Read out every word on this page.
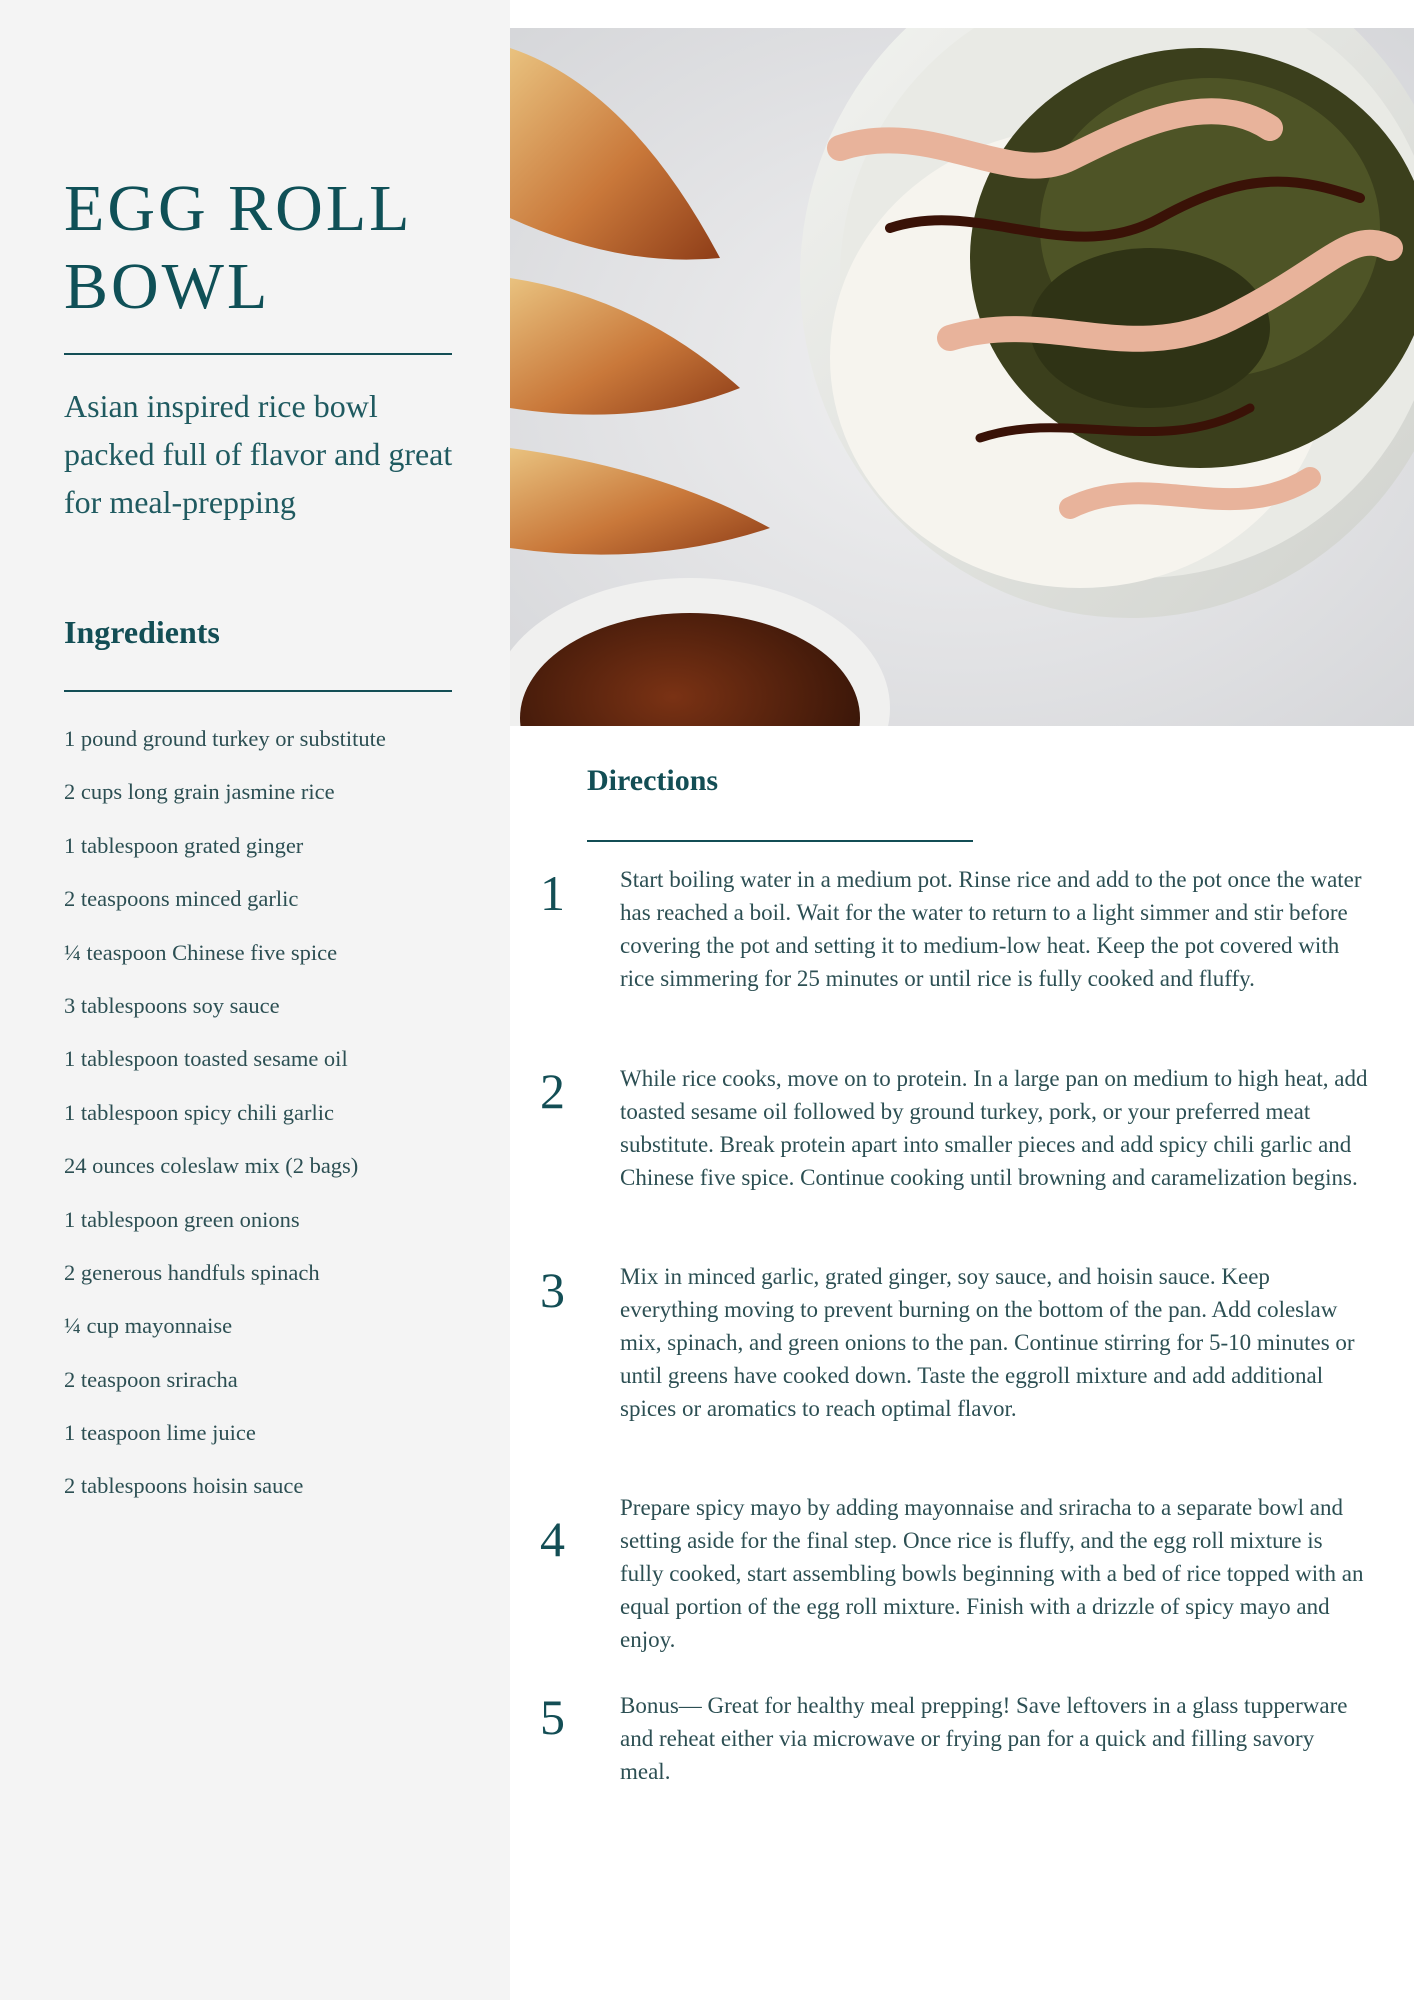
EGG ROLL
BOWL

Asian inspired rice bowl packed full of flavor and great for meal-prepping

Ingredients
1 pound ground turkey or substitute
2 cups long grain jasmine rice
1 tablespoon grated ginger
2 teaspoons minced garlic
¼ teaspoon Chinese five spice
3 tablespoons soy sauce
1 tablespoon toasted sesame oil
1 tablespoon spicy chili garlic
24 ounces coleslaw mix (2 bags)
1 tablespoon green onions
2 generous handfuls spinach
¼ cup mayonnaise
2 teaspoon sriracha
1 teaspoon lime juice
2 tablespoons hoisin sauce
Directions
1	Start boiling water in a medium pot. Rinse rice and add to the pot once the water has reached a boil. Wait for the water to return to a light simmer and stir before covering the pot and setting it to medium-low heat. Keep the pot covered with rice simmering for 25 minutes or until rice is fully cooked and fluffy.

2	While rice cooks, move on to protein. In a large pan on medium to high heat, add toasted sesame oil followed by ground turkey, pork, or your preferred meat substitute. Break protein apart into smaller pieces and add spicy chili garlic and Chinese five spice. Continue cooking until browning and caramelization begins.

3	Mix in minced garlic, grated ginger, soy sauce, and hoisin sauce. Keep everything moving to prevent burning on the bottom of the pan. Add coleslaw mix, spinach, and green onions to the pan. Continue stirring for 5-10 minutes or until greens have cooked down. Taste the eggroll mixture and add additional spices or aromatics to reach optimal flavor.

4

Prepare spicy mayo by adding mayonnaise and sriracha to a separate bowl and setting aside for the final step. Once rice is fluffy, and the egg roll mixture is fully cooked, start assembling bowls beginning with a bed of rice topped with an equal portion of the egg roll mixture. Finish with a drizzle of spicy mayo and enjoy.

5	Bonus— Great for healthy meal prepping! Save leftovers in a glass tupperware and reheat either via microwave or frying pan for a quick and filling savory meal.
